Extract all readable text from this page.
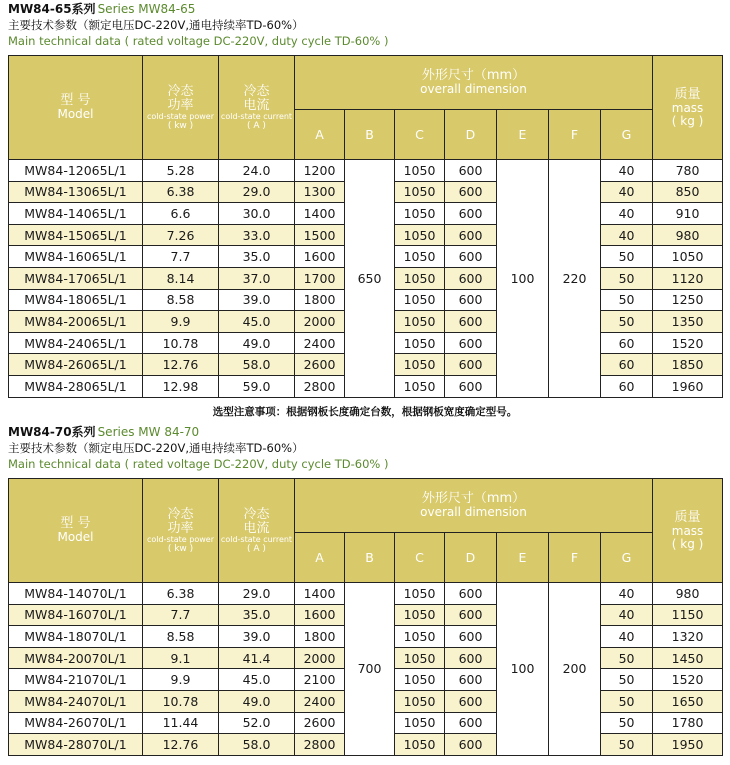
MW84-65系列 Series MW84-65
主要技术参数（额定电压DC-220V,通电持续率TD-60%）
Main technical data ( rated voltage DC-220V, duty cycle TD-60% )
型 号
Model	冷态
功率
cold-state power
( kw )	冷态
电流
cold-state current
( A )	外形尺寸（mm）
overall dimension							质量
mass
( kg )

			A	B	C	D	E	F	G	
MW84-12065L/1	5.28	24.0	1200	650	1050	600	100	220	40	780
MW84-13065L/1	6.38	29.0	1300		1050	600			40	850
MW84-14065L/1	6.6	30.0	1400		1050	600			40	910
MW84-15065L/1	7.26	33.0	1500		1050	600			40	980
MW84-16065L/1	7.7	35.0	1600		1050	600			50	1050
MW84-17065L/1	8.14	37.0	1700		1050	600			50	1120
MW84-18065L/1	8.58	39.0	1800		1050	600			50	1250
MW84-20065L/1	9.9	45.0	2000		1050	600			50	1350
MW84-24065L/1	10.78	49.0	2400		1050	600			60	1520
MW84-26065L/1	12.76	58.0	2600		1050	600			60	1850
MW84-28065L/1	12.98	59.0	2800		1050	600			60	1960
选型注意事项：根据钢板长度确定台数，根据钢板宽度确定型号。
MW84-70系列 Series MW 84-70
主要技术参数（额定电压DC-220V,通电持续率TD-60%）
Main technical data ( rated voltage DC-220V, duty cycle TD-60% )
型 号
Model	冷态
功率
cold-state power
( kw )	冷态
电流
cold-state current
( A )	外形尺寸（mm）
overall dimension							质量
mass
( kg )

			A	B	C	D	E	F	G	
MW84-14070L/1	6.38	29.0	1400	700	1050	600	100	200	40	980
MW84-16070L/1	7.7	35.0	1600		1050	600			40	1150
MW84-18070L/1	8.58	39.0	1800		1050	600			40	1320
MW84-20070L/1	9.1	41.4	2000		1050	600			50	1450
MW84-21070L/1	9.9	45.0	2100		1050	600			50	1520
MW84-24070L/1	10.78	49.0	2400		1050	600			50	1650
MW84-26070L/1	11.44	52.0	2600		1050	600			50	1780
MW84-28070L/1	12.76	58.0	2800		1050	600			50	1950
